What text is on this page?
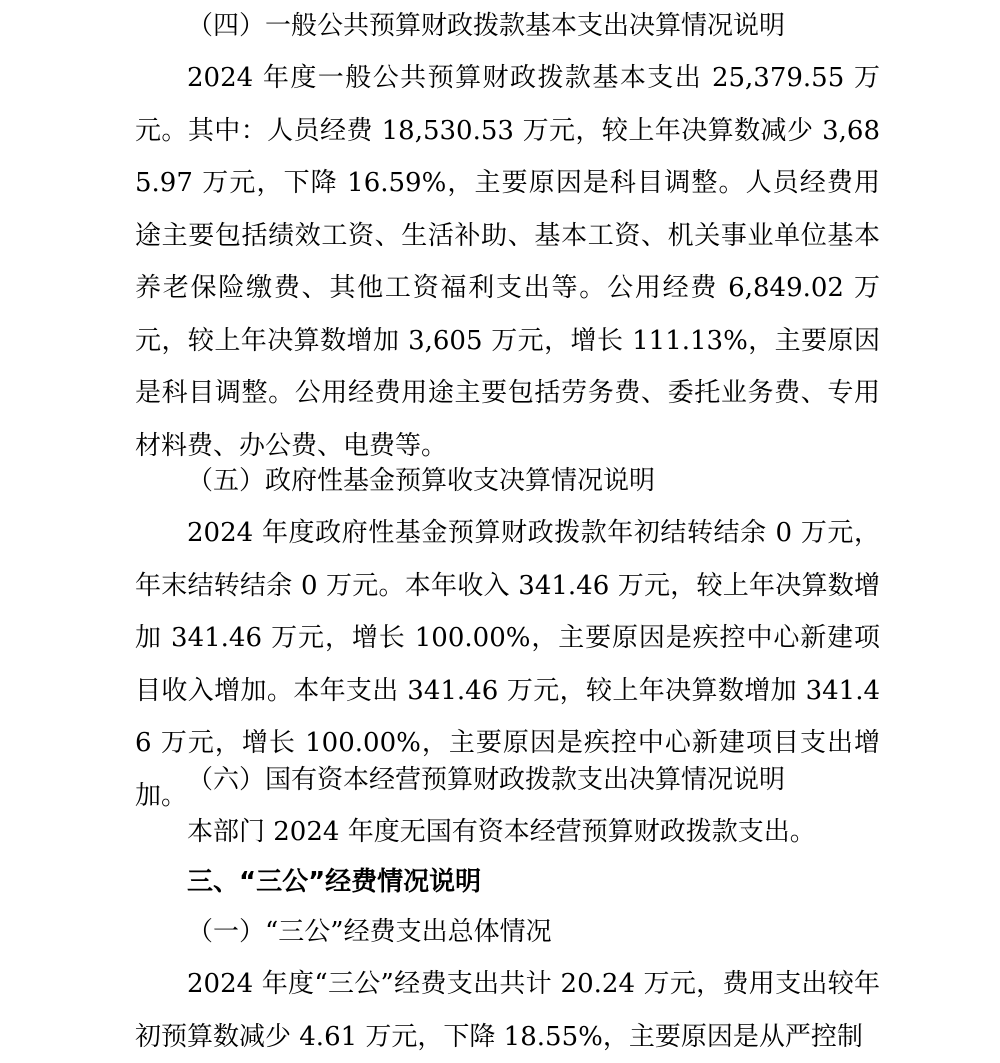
（四）一般公共预算财政拨款基本支出决算情况说明
2024 年度一般公共预算财政拨款基本支出 25,379.55 万元。其中：人员经费 18,530.53 万元，较上年决算数减少 3,685.97 万元，下降 16.59%，主要原因是科目调整。人员经费用途主要包括绩效工资、生活补助、基本工资、机关事业单位基本养老保险缴费、其他工资福利支出等。公用经费 6,849.02 万元，较上年决算数增加 3,605 万元，增长 111.13%，主要原因是科目调整。公用经费用途主要包括劳务费、委托业务费、专用材料费、办公费、电费等。
（五）政府性基金预算收支决算情况说明
2024 年度政府性基金预算财政拨款年初结转结余 0 万元，年末结转结余 0 万元。本年收入 341.46 万元，较上年决算数增加 341.46 万元，增长 100.00%，主要原因是疾控中心新建项目收入增加。本年支出 341.46 万元，较上年决算数增加 341.46 万元，增长 100.00%，主要原因是疾控中心新建项目支出增加。
（六）国有资本经营预算财政拨款支出决算情况说明
本部门 2024 年度无国有资本经营预算财政拨款支出。
三、“三公”经费情况说明
（一）“三公”经费支出总体情况
2024 年度“三公”经费支出共计 20.24 万元，费用支出较年初预算数减少 4.61 万元，下降 18.55%，主要原因是从严控制
